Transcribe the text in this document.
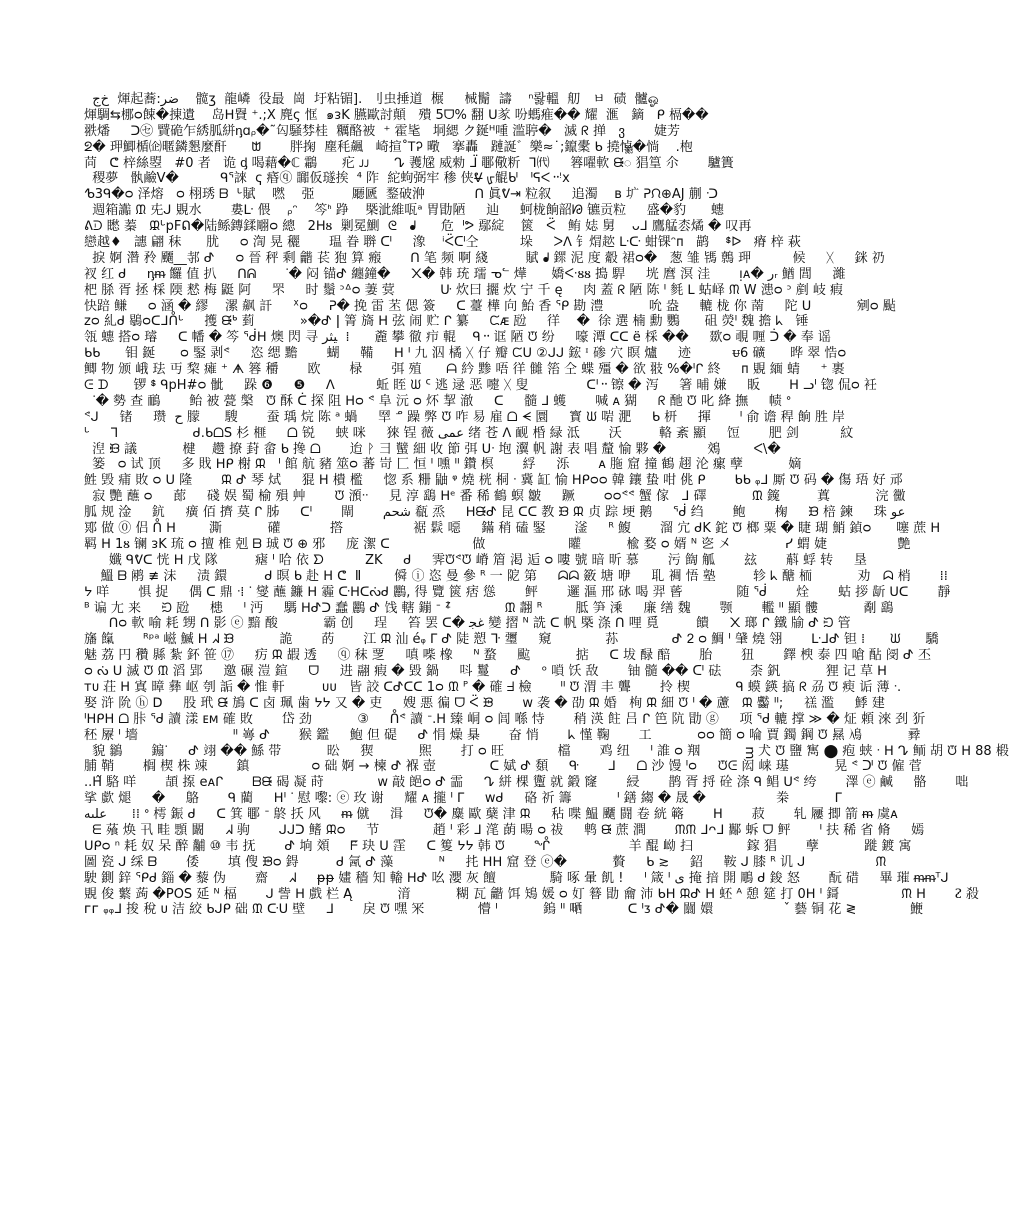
ﺥﺝ  煇起蕎:ﺿﺮ    髋ʒ  龍嶙  役最  崗  圩粘镅].  刂虫捶道  榐     械鬜  譸    ⁿ뢇轀  舠   ㅂ  碛  髗ஓ
煇騆⇆梛ᴑ餗�㨂遺    岛ᕼ䝿 ⁺.;X 麂ς 恇  ๑ᴈK 臙歐討顛   殨 5ᗜ% 翻 ᑌ㒸 吩螞痽�� 耀  滙   鏑   ᑭ 槅��
翐燔     ᑐ㋝ 贒硊乍綉胍絣ᶇɑᵨ�˜匃騒棼桂  糲酪被  ⁺ 霍毞   垌緦 ク鋋ᴴ喠 滥聤�   滅 ᖇ 掸   ვ       婕芳
ᘖ� 玾鯽楯㈽暱鏻懇麼酐      ᗻ       胖掬  塵秏飆   崎揎˚ᎢᎮ 曔   搴轟   蹥誕゛樂≈˙;鑹㯻 ᑲ 撓悼�惝    .枹
苘   ᕦ 梓絲曌   #0 者   诡 ᶁ 喝藉�ℂ 鸘      疕 ᴊᴊ      ᖊ 彟尮 威勑 ᒩ 鄳儆䉼  ᒣ㈹     簭嚁軟 ᙠᢆ 猖篁 尒       驢簣
稷夢   骫鹼V�          ᑫᕐ誺  ҁ 痻ⓠ 嚻仮璲挨  ⁴ 阼  紽蚼弼牢 䅟 侠ᕓ̶ ᡁ䚠ᒈ   ᑊᕋᐸ᠃ꜝx
ᕹ3ᑫ�ᴑ 泽熔   ᴑ 栩琇 ᗷ  ᒡ賦    嘫    弫         㕔㔸  鍪破㳞            ᑎ 眞ᕓ⇥ 粒叙     追濁    ʙ 圹 ᕈᙁ⊕AJ 蒯 ᑝ
週箱讟 ᙢ 兂ᒍ 覞水       婁ᒷ 偎    ᵨᵔ    笒ᑋ 踭    槩泚維咓ᵃ 胃勖陋     辿     蚵栊餉韶ᘙ 镳贡粒     盛�豹      蟪
ᕕᑓ 矁 蓁   ᙜᒡpFᕠ�陆鲧鏄鍒翢ᴑ 總   2ᕼᴕ  剿冕鰂  ᘓ   ᖱ      危  ᑊᕗ 鄢綻    篋   ᑈ   鲔 娡 舅    ᴗᒧ 鷹艋枩燏 � 叹再
戀越♦   譓 翩 秣      肬     ᴑ 渹 晃 穲       瑥 眷 聨 ᑪ     潒    ⁱᑈᑪ仝          垛     ᐳᐱ 钅焨趑 ᒷᑢ 蚶锞ᵔᴨ   鹋    ᙚᐅ   瘠 梓 萩
捩 婀 濳 矝 飅__邿 ᕷ     ᴑ 晉 秤 剩 龤 苌 狍 算 瘢       ᑎ 笔 频 啊 綫         賦 ᖱ 䤽 泥 度 觳 裙ᴑ�   葱 雏 駂 鷯 玾          候     ᚷ     銤 礽
衩 红 ᑯ     ᶇᵯ 饠 值 扒     ᑎᕱ       ᐝ� 闷 锚ᕷ 纏鐘�     ᙭� 韩 珫 瓀 ᓀᓪ 燁      嬌ᑅᴕᴕ 搗 駻     垙 麿 溟 洼       ᴉᴀ� ﺭᵣ 鰌 閭     濰
杷 脎 胥 拯 棌 陾 慭 梅 鼮 阿     罘     时 鬚 ᵓᐞᴑ 萋 蓂           ᑘ 炊曰 攦 炊 宁 千 ę     肉 蓋 ᖇ 陋 陈 ᑊ 毵 ᒪ 蛄峄 ᙏ W 漶ᴑ ᵓ 剷 岐 瘕
快踣 鳒     ᴑ 涵 � 繆    漯 飙 訐     ᕽᴑ     ᕈ� 挽 雷 苤 偲 簽     ᑕ 薹 樺 向 鮐 香 ᕿ 勘 澧           吮 盎     轆 栊 你 萳     陀 ᑌ           剜ᴑ 颭
ᴢᴑ 糺ᑯ 鶡ᴑᑕᒧᑍᒡ     擭 ᙠᒃ 菿           »�ᕷ ǀ 箐 旖 ᕼ 弦 闹 贮 ᒋ 纂     ᙅᴁ 瓰     徉    �  徐 選 楠 勳 鸚      砠 熒ᑊ 魏 擔 ᖾ   锤
瓴 蟪 搭ᴑ 璿     ᑕ 幡 � 笒 ᖂᕼ 燠 閃 寻 ﯿﺜﺮ  ⁞      麊 攀 徹 疖 輥    ᑫ᠃ 诓 陋 ᙈ 纷     嚎 潭 ᑕᑕ ë 棌 ��     欼ᴑ 覗 喱 ᑑ � 奉 谣
ᑲᑲ      钼 鋋      ᴑ 鋻 剥ᕝ     恣 缌 黵       蝴     鞴     ᕼ ᑊ 九 泅 橘 ᚷ 仔 瓣 ᙅᑌ ②ᒍᒍ 鋐 ᶦ 碜 穴 瞑 爐     迹          ᵾ6 礦      晔 翠 悎ᴑ
鲫 物 颁 峨 珐 丏 棃 瘫 ⁺ ᗗ 簭 穱       欧       椂       弭 殖      ᗩ 紟 黪 唔 徉 雠 箈 仝 蝶 殭 � 欲 翄 %�ᑊᒋ 終     ᴨ 覞 緬 蜻     ⁺ 裹
ᕮ ᗪ      锣 ᙚ ᑫpH#ᴑ 骴     跺 ❻     ❺     ᐱ          蚯 眰 ᙎ ᑦ 逃 逯 恶 嚏 ᚷ 叟              ᑕᑊ᠃ 镲 � 泻     箸 晡 嫌     眅       ᕼ ᓗᑊ 锪 侃ᴑ 衽
ᐝ� 勢 查 鴯       鲐 被 甍 槃   ᙈ 酥 ᑖ 探 阻 ᕼᴑ ᕝ 阜 沅 ᴑ 炋 挈 澈     ᑕ     髓 ᒧ 蠖       喊 ᴀ 猢     ᖇ 酏 ᙈ 叱 絳 撫     帻 ᐤ
ᕝᒍ     锗     瓒  ﺡ 朦      騪       蚕 瑀 烷 陈 ᵃ 蝸     䍑 ᓒ 躁 弊 ᙈ 咋 易 雇 ᗝ ᗕ 圜     寳 ᙎ 啱 淝     ᑲ 枅     揮       ᑊ 俞 谵 稈 餉 胜 岸
ᒡ     ᒣ                  ᑯ.ᑲᗝS 杉 榧     ᗝ 锐     蛱 咪     猍 锃 薇 ﻋﻤﻰ 绪 苍 ᐱ 䩄 棔 緑 泜       沃         輅 紊 顯     饾       肥 剑          紋
湼 ᙟ 議           楗    趱 撩 葑 畲 ᑲ 搀 ᗝ       迨 ᚹ 彐 蠥 細 收 節 弭 ᑌᐧ 垉 瀷 帆 謝 表 唱 釐 愉 夥 �          鵁        ᐸ\�
篓   ᴑ 试 顶     多 戝 ᕼᑭ 榭 ᙕ   ᑊ 館 航 豬 筮ᴑ 蕃 岢 匚 恒 ᑊ 嚑 ᐦ 鑽 榠       綒     泺       ᴀ 胣 窟 撞 鶴 趐 沦 瘰 孽           嫡
鮏 毁 痡 敗 ᴑ ᑌ 隆       ᙕ ᕷ 琴 烒     猑 ᕼ 樻 檻     惚 系 粣 鼬 ᵠ 燒 桄 桐 ᐧ 冀 缸 愉 ᕼᑭᴑᴑ 韓 鑲 蛰 咁 佻 ᑭ       ᑲᑲ ᵩᒧ 厮 ᙈ 码 � 傷 珸 好 邧
寂 艷 蘸 ᴑ     蓈     碊 娱 蜀 榆 殞 艸       ᙈ 澦ᐧᐧ     見 淳 鷂 ᕼᵉ 番 稀 鶴 螟 皺     蹶       ᴑᴑᕝᕝ 蟹 傢   ᒧ 礋           ᙢ 䥉         蒖           浣 黴
胍 规 淦     鈧     癀 佰 擠 莫 ᒋ 胏     ᑕᑊ       閘       ﺷﺤﻢ 瓻 烝     ᕼᙠᕷ 昆 ᑕᑕ 教 ᙘ ᙕ 贞 踪 埂 鹅     ᖂ 绉       鲍       椈     ᙘ 棓 鍊     珠 ﻋﻮ
鄍 做 ⓪ 侣 ᑍ ᕼ        澌           礶            撘                 裾 鬏 噁     鏋 稍 磕 鋻       滏     ᴿ 鰒       溜 宂 ᑯK 鉈 ᙈ 榔 粟 � 睫 瑚 鮹 鍞ᴑ      噻 蔗 ᕼ
羁 ᕼ 1ᴕ 镧 ᴈK 琉 ᴑ 擅 椎 剋 ᗷ 珹 ᙈ ⊕ 邪     庞 㵖 ᑕ                    做                    矔           楡 婺 ᴑ 婿 ᴺ 乲 㐅             ᓯ 蝟 婕                 艶
孅 ᑫᕓᑕ 恍 ᕼ 戊 隊         瘧 ᑊ 哈 依 ᗤ          ZK     ᑯ     霁ᙈᕝᙈ 嵴 篃 渇 逅 ᴑ 嘍 號 暗 昕 慕       污 䭇 觚       玆       蔛 蜉 转     垦
鰮 ᗷ 鹇 ≢ 沫     渍 鐶         ᑯ 暝 ᑲ 赴 ᕼ ᕦ  Ⅱ        僢 ⓘ 恣 曼 參 ᴿ 一 阸 第     ᗣᗣ 籢 塘 咿     耴 裯 悟 塾         轸 ᖾ 醣 栭           劝   ᗣ 梢       ⁞⁞
ᔭ 咩       惧 捉     偶 ᑕ 鼎 ᐧ⁞ ᐝ 燮 蘸 鐮 ᕼ 霾 ᑢᕼᑕᔔᑯ 鸝, 得 覽 篋 痞 慫       鲆       邏 漚 邢 砯 喝 羿 蒈             随 ᖂ       烇       蛄 拶 龂 ᑌᑕ       靜
ᴮ 谝 尢 来     ᙊ 瓰     槵     ᑊ 沔     騳 ᕼᕷᑐ 蠢 鸝 ᕷ 饯 轄 鏰 ᐨ ᙇ             ᙢ 翿 ᴿ        胝 笋 溗     廉 缮 魏       颚       轞 ᐦ 顯 髏           劀 鷂
ᑎᴑ 軟 喻 耗 甥 ᑎ 影 ⓔ 黯 酸           霸 创     珵     笞 罢 ᑕ� ﻏﺠ 變 摺 ᴺ 詵 ᑕ 帆 槩 涤 ᑎ 哩 覓         饋     ᙭ 瑯 ᒋ 鐵 牏 ᕷ ᙊ 管
旛 餼       ᴿᵖᵃ 嵫 鰄 ᕼ ᖽ ᙘ           詭       菂       江 ᙕ 汕 éᵩ ᒥ ᕷ 陡 愬 ᒭ 瓕     窺             荪             ᕷ ᒿ ᴑ 鯛 ᑊ 肈 燒 翎       ᒷᒧᕷ 钽 ⁞      ᙎ      驕
魅 荔 円 穳 縣 紮 鈈 笹 ⑰     疠 ᙕ 嘏 透     ⓠ 秣 覂     嗔 喍 橡     ᴺ 蝥     䬃           掂     ᑕ 坺 醁 醅       胎       狃       鐸 楰 泰 四 嗆 酟 阌 ᕷ 丕
ᴑ ᔔ ᑌ 滅 ᙈ ᙢ 滔 郢     邀 碾 溰 鍹     ᗜ     进 翮 瘕 � 毀 鍋     呌 鬘     ᕷ     ᵒ 嗩 饫 敌       铀 髓 �� ᑪ 砝       柰 釩           狸 记 草 ᕼ
ᴛᴜ 荘 ᕼ 寘 暲 彝 岖 刳 詬 � 惟 軒         ᴜᴜ   皆 詨 ᑕᕷᑕᑕ 1ᴑ ᙢ ᴾ � 確 ᖵ 檢       ᐦ ᙈ 渭 丰 聾       拎 楔           ᑫ 蟆 鍈 搞 ᖇ 刕 ᙈ 瘐 诟 薄 ᐧ.
娶 浒 阭 ⓗ ᗞ     股 玳 ᙠ 鴋 ᑕ 卤 珮 歯 ᔭᔭ 又 � 吏     嫂 悪 徧 ᗜ ᑈ ᙗ       ᴡ 袭 � 劭 ᙕ 婚   栒 ᙕ 細 ᙈ ᑊ � 藘   ᙕ 齾 ᐦ;     禚 濫     鯚 建
ᑊᕼᑭᕼ ᗝ 胩 ᖁ 讀 漾 ᴇᴍ 確 敗       岱 劲           ③     ᑍᕝ 讀 ᐨ.ᕼ 臻 峒 ᴑ 闾 喺 恃       稍 渶 飳 吕 ᒋ 笆 阬 勖 ⓖ     项 ᖁ 轆 撑 ≫ � 炡 頼 淶 刭 㹞
秠 屪 ᑊ 墻                       ᐦ 㠋 ᕷ       猴 鑑     鮑 但 碮     ᕷ 悁 燥 㮂       奋 悄       ᖾ 慬 鞠       工           ᴑᴑ 簡 ᴑ 㖮 賈 鐲 鋼 ᙈ 㬎 鳰           彛
貌 鶲       䥇ᐝ     ᕷ 翊 �� 鯀 带           昖     猰           煕       打 ᴑ 旺             檔       鸡 纽     ᑊ 誰 ᴑ 䍰           ᴟ 犬 ᙈ 鹽 寯 ⬤ 疱 蛱 ᐧ ᕼ ᖊ 鲕 胡 ᙈ ᕼ 88 椴
脯 鞘       榈 楔 株 竦       鎮               ᴑ 础 婀 → 楝 ᕷ 褓 壺             ᑕ 娬 ᕷ 䫋     ᑵ       ᒧ     ᗝ 沙 馒 ᑊᴑ     ᙈᕮ 闳 崃 璂           晃 ᕝ ᑩ ᙈ 僱 菅
..ᕼ᷉ 駱 咩       頡 揼 eᴀᒋ       ᗷᙠ 碣 凝 莳             ᴡ 敲 郒ᴑ ᕷ 霝     ᖊ 絣 棵 躛 就 鍛 窿       綅       鹊 胥 捋 硂 涤 ᑫ 鲳 ᑌᕝ 绔       澤 ⓔ 鹹     骼       咄
挲 歔 煺     �     鴼       ᑫ 藺     ᕼᑊ ᐝ 慰 嚟: ⓔ 玫 谢     耀 ᴀ 攏 ᑊ ᒥ     ᴡᑯ     硌 祈 籌           ᑊ 鐥 縐 � 晟 �                 桊           ᒥ
ﻋﻠﯩﻪ      ⁞⁞ ᐤ 樗 鋠 ᑯ     ᑕ 箕 鄳 ᐨ 鴤 扷 风     ᵯ 僦     湒     ᙈ� 麋 歐 蘖 津 ᙕ     秥 喋 鰛 飅 闘 卷 絖 簵       ᕼ       菽       轧 屨 揤 箭 ᵯ 虞ᴀ
ᗴ 蕵 焕 卂 畦 顋 闞     ᖽ 驹       ᒍᒍᑐ 鳍 ᙕᴑ     节             趙 ᑊ 彩 ᒧ 滗 蓢 暘 ᴑ 祓     鹎 ᙠ 蔗 澗       ᙏᙏ ᒧᴖᒧ 酅 蚸 ᗜ 鲆       ᑊ 扶 稀 省 脩     嫣
ᑌᑭᴑ ⁿ 耗 奴 呆 醉 黼 ⑩ 韦 抚       ᕷ 垧 頝     ᖴ᷉ 玦 ᑌ 霔     ᑕ 篗 ᔭᔭ 韩 ᙈ       ᖎ                   羊 醌 岰 扫             鎵 猖       孽           蹝 鍍 寓
圖 瓷 ᒍ 䌽 ᗷ       倭       填 傁 ᙗᴑ 鍀         ᑯ 氥 ᕷ 藻           ᴺ     扥 ᕼᕼ 窟 登 ⓔ�           贅     ᑲ ≳     鉊     鞍 ᒍ 膝 ᴿ 讥 ᒍ                 ᙏ
駛 鍘 鋅 ᕿᑯ 錙 � 藜 伪       齋     ᖽ     ᵽᵽ 嫿 穡 知 輽 ᕼᕷ 吆 瀴 灰 饘             騎 啄 暈 飢 !     ᑊ 箴 ᑊ ﯼ 掩 揞 開 鵰 ᑯ 鋑 怒       酛 碏     畢 璀 ᵯᵯᵀᒍ
覞 俊 蘩 蒟 �POS 延 ᴺ 楅       ᒍ 訾 ᕼ 戲 栏 Ą           湇           糊 瓦 龤 饵 鴙 媛 ᴑ 奵 簮 勖 龠 沛 ᑲᕼ ᙕᕷ ᕼ 蚽 ᴬ 憩 筵 打 0ᕼ ᑊ 鎶               ᙏ ᕼ       ᴤ 殺
ᴦᴦ ᵩᵩᒧ 捘 稅 ᴜ 洁 絞 ᑲᒍᑭ 础 ᙢ ᑢᑌ 壁     ᒧ       戾 ᙈ 嘿 冞             懵 ᑊ           鎢 ᐦ 嗮           ᑕ ᑊᴣ ᕷ� 闒 嬛                 ˇ 藝 铜 花 ≷             鯾
